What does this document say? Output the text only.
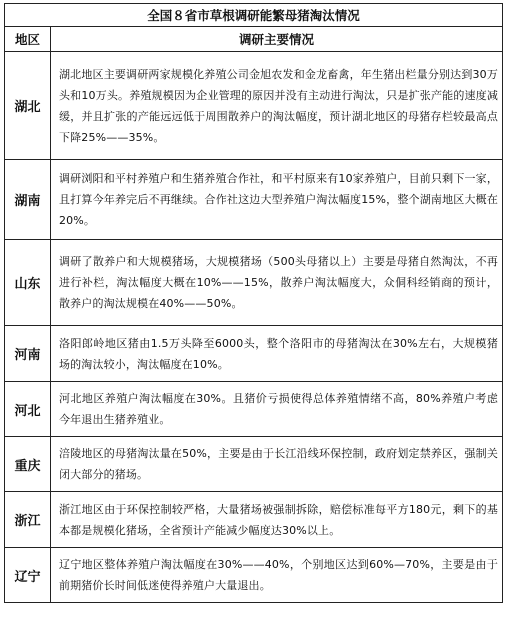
全国８省市草根调研能繁母猪淘汰情况	
地区	调研主要情况
湖北	湖北地区主要调研两家规模化养殖公司金旭农发和金龙畜禽，年生猪出栏量分别达到30万头和10万头。养殖规模因为企业管理的原因并没有主动进行淘汰，只是扩张产能的速度减缓，并且扩张的产能远远低于周围散养户的淘汰幅度，预计湖北地区的母猪存栏较最高点下降25%——35%。
湖南	调研浏阳和平村养殖户和生猪养殖合作社，和平村原来有10家养殖户，目前只剩下一家，且打算今年养完后不再继续。合作社这边大型养殖户淘汰幅度15%，整个湖南地区大概在20%。
山东	调研了散养户和大规模猪场，大规模猪场（500头母猪以上）主要是母猪自然淘汰，不再进行补栏，淘汰幅度大概在10%——15%，散养户淘汰幅度大，众侗科经销商的预计，散养户的淘汰规模在40%——50%。
河南	洛阳郎岭地区猪由1.5万头降至6000头，整个洛阳市的母猪淘汰在30%左右，大规模猪场的淘汰较小，淘汰幅度在10%。
河北	河北地区养殖户淘汰幅度在30%。且猪价亏损使得总体养殖情绪不高，80%养殖户考虑今年退出生猪养殖业。
重庆	涪陵地区的母猪淘汰量在50%，主要是由于长江沿线环保控制，政府划定禁养区，强制关闭大部分的猪场。
浙江	浙江地区由于环保控制较严格，大量猪场被强制拆除，赔偿标准每平方180元，剩下的基本都是规模化猪场，全省预计产能减少幅度达30%以上。
辽宁	辽宁地区整体养殖户淘汰幅度在30%——40%，个别地区达到60%—70%，主要是由于前期猪价长时间低迷使得养殖户大量退出。
